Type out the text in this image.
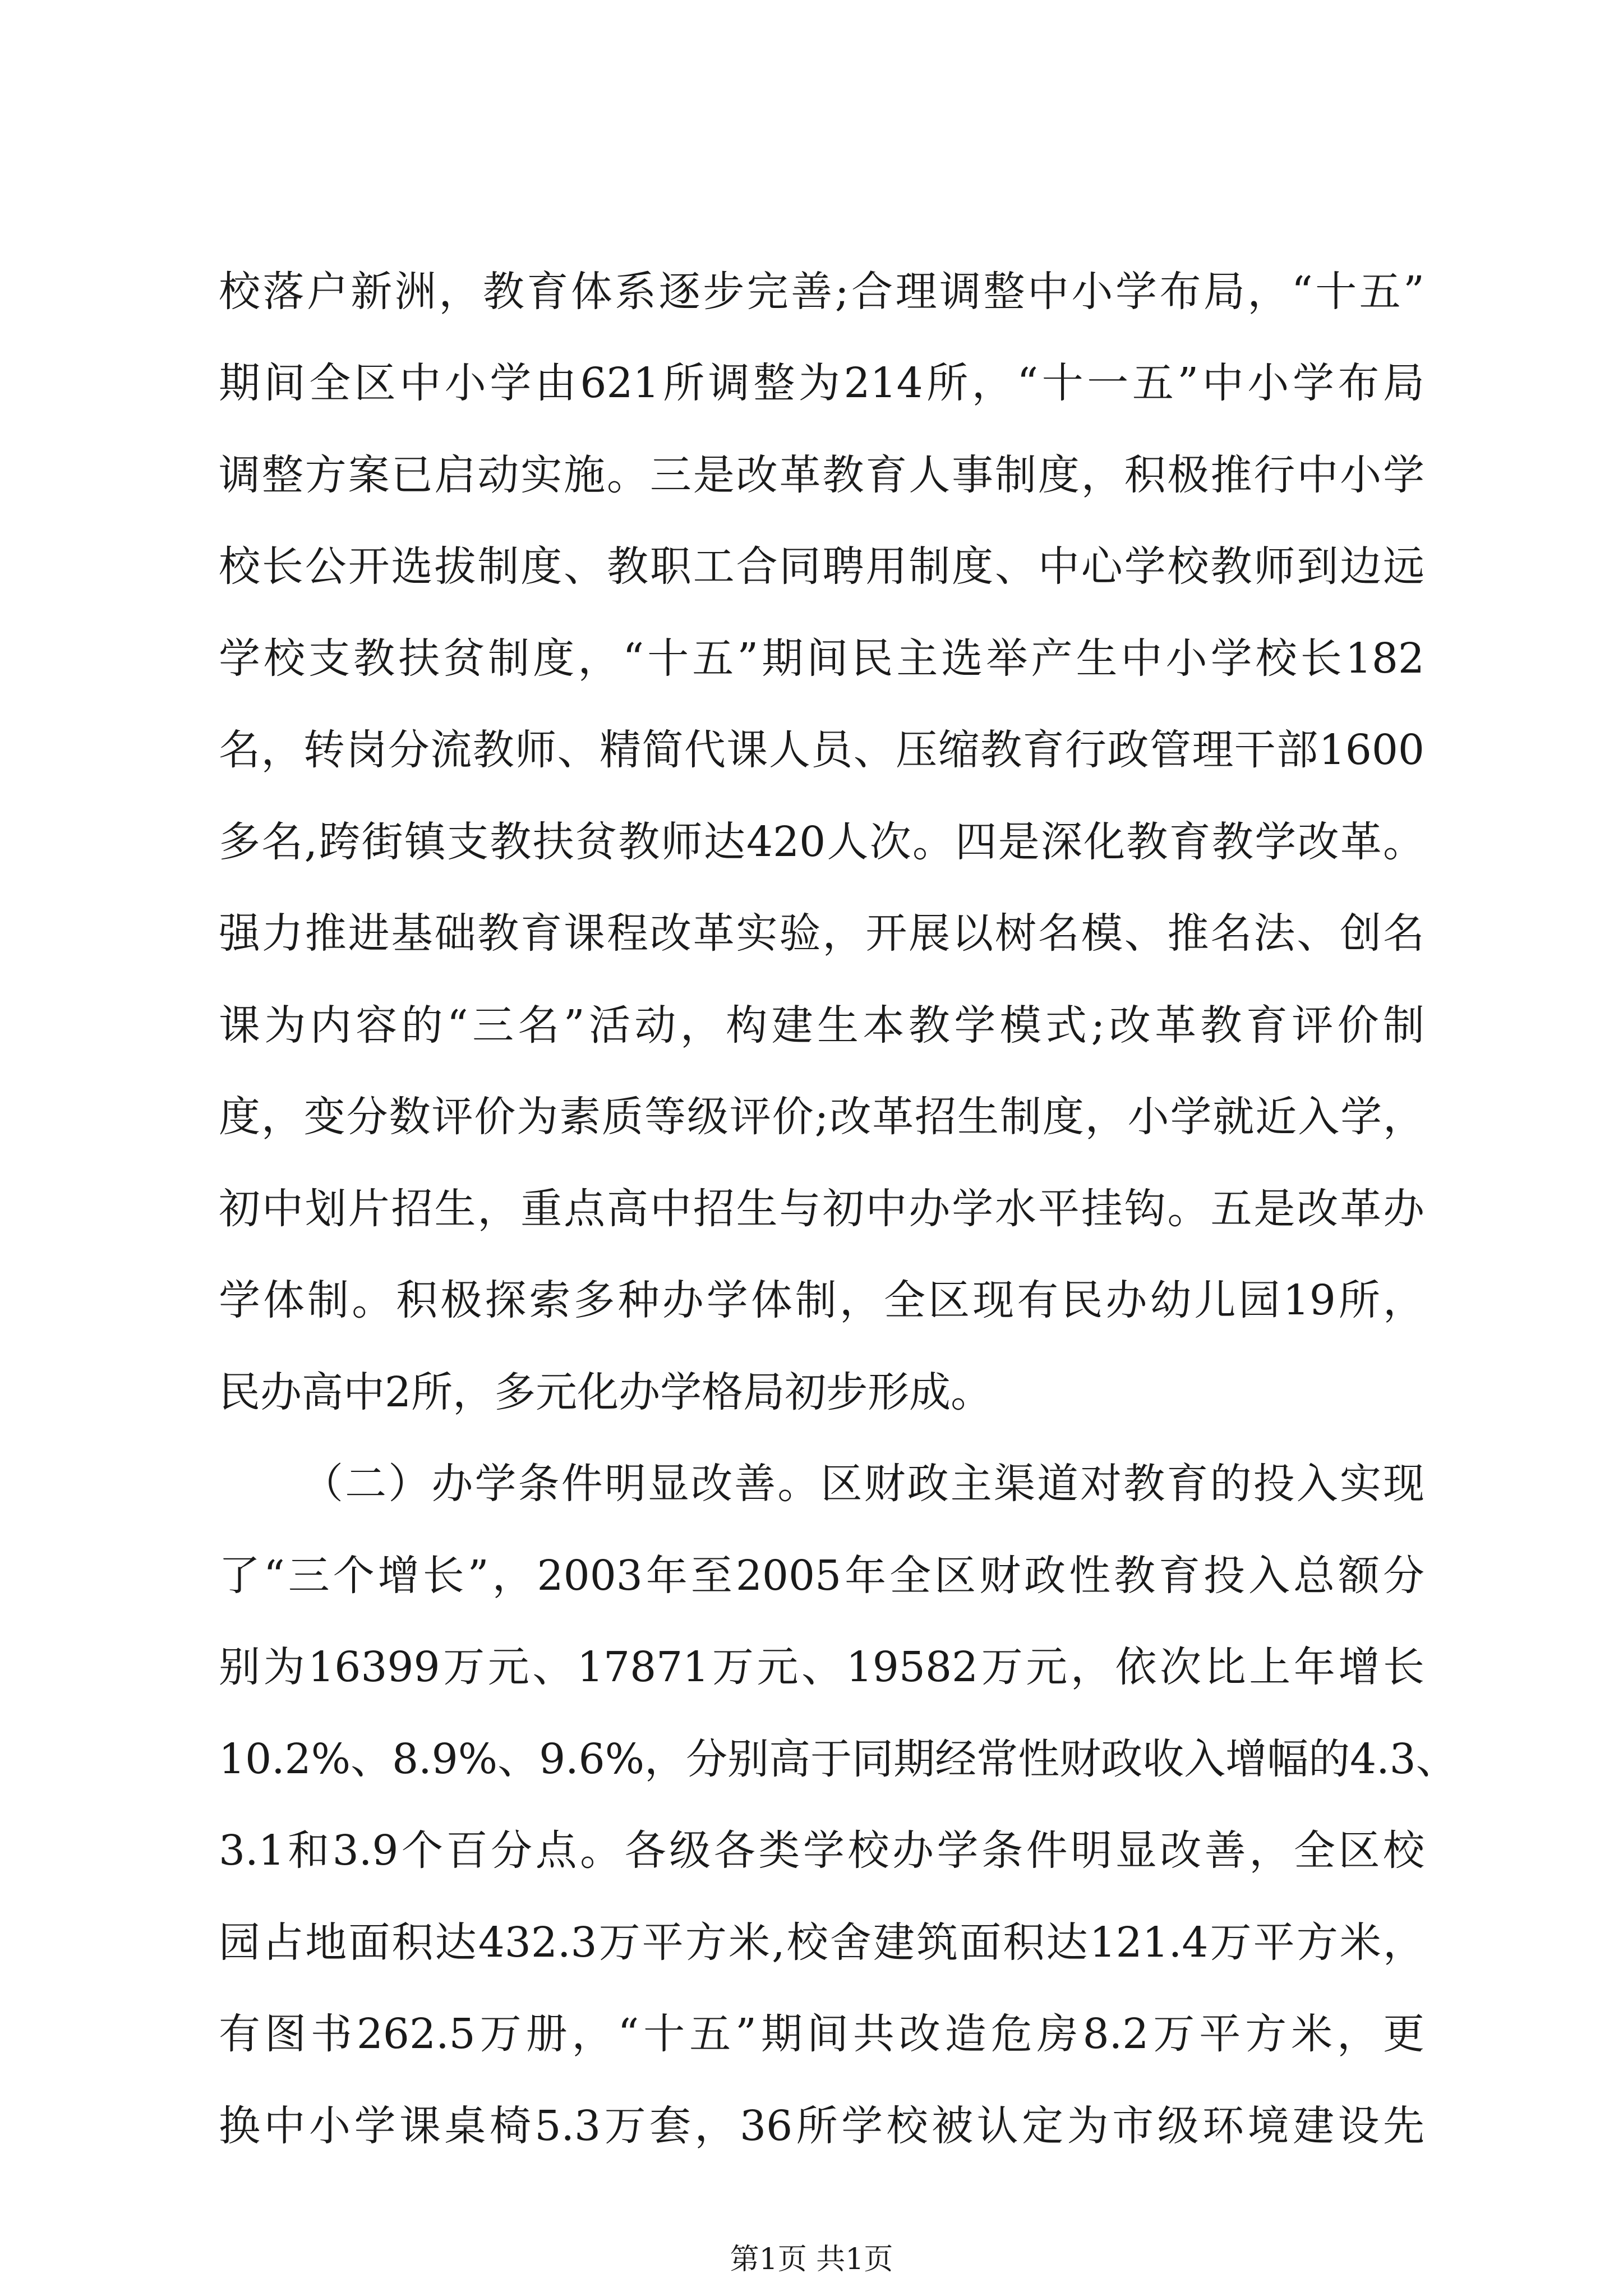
校落户新洲，教育体系逐步完善;合理调整中小学布局，“十五”

期间全区中小学由621所调整为214所，“十一五”中小学布局

调整方案已启动实施。三是改革教育人事制度，积极推行中小学

校长公开选拔制度、教职工合同聘用制度、中心学校教师到边远

学校支教扶贫制度，“十五”期间民主选举产生中小学校长182

名，转岗分流教师、精简代课人员、压缩教育行政管理干部1600

多名,跨街镇支教扶贫教师达420人次。四是深化教育教学改革。

强力推进基础教育课程改革实验，开展以树名模、推名法、创名

课为内容的“三名”活动，构建生本教学模式;改革教育评价制

度，变分数评价为素质等级评价;改革招生制度，小学就近入学，

初中划片招生，重点高中招生与初中办学水平挂钩。五是改革办

学体制。积极探索多种办学体制，全区现有民办幼儿园19所，

民办高中2所，多元化办学格局初步形成。

（二）办学条件明显改善。区财政主渠道对教育的投入实现

了“三个增长”，2003年至2005年全区财政性教育投入总额分

别为16399万元、17871万元、19582万元，依次比上年增长

10.2%、8.9%、9.6%，分别高于同期经常性财政收入增幅的4.3、

3.1和3.9个百分点。各级各类学校办学条件明显改善，全区校

园占地面积达432.3万平方米,校舍建筑面积达121.4万平方米，

有图书262.5万册，“十五”期间共改造危房8.2万平方米，更

换中小学课桌椅5.3万套，36所学校被认定为市级环境建设先

第1页 共1页
